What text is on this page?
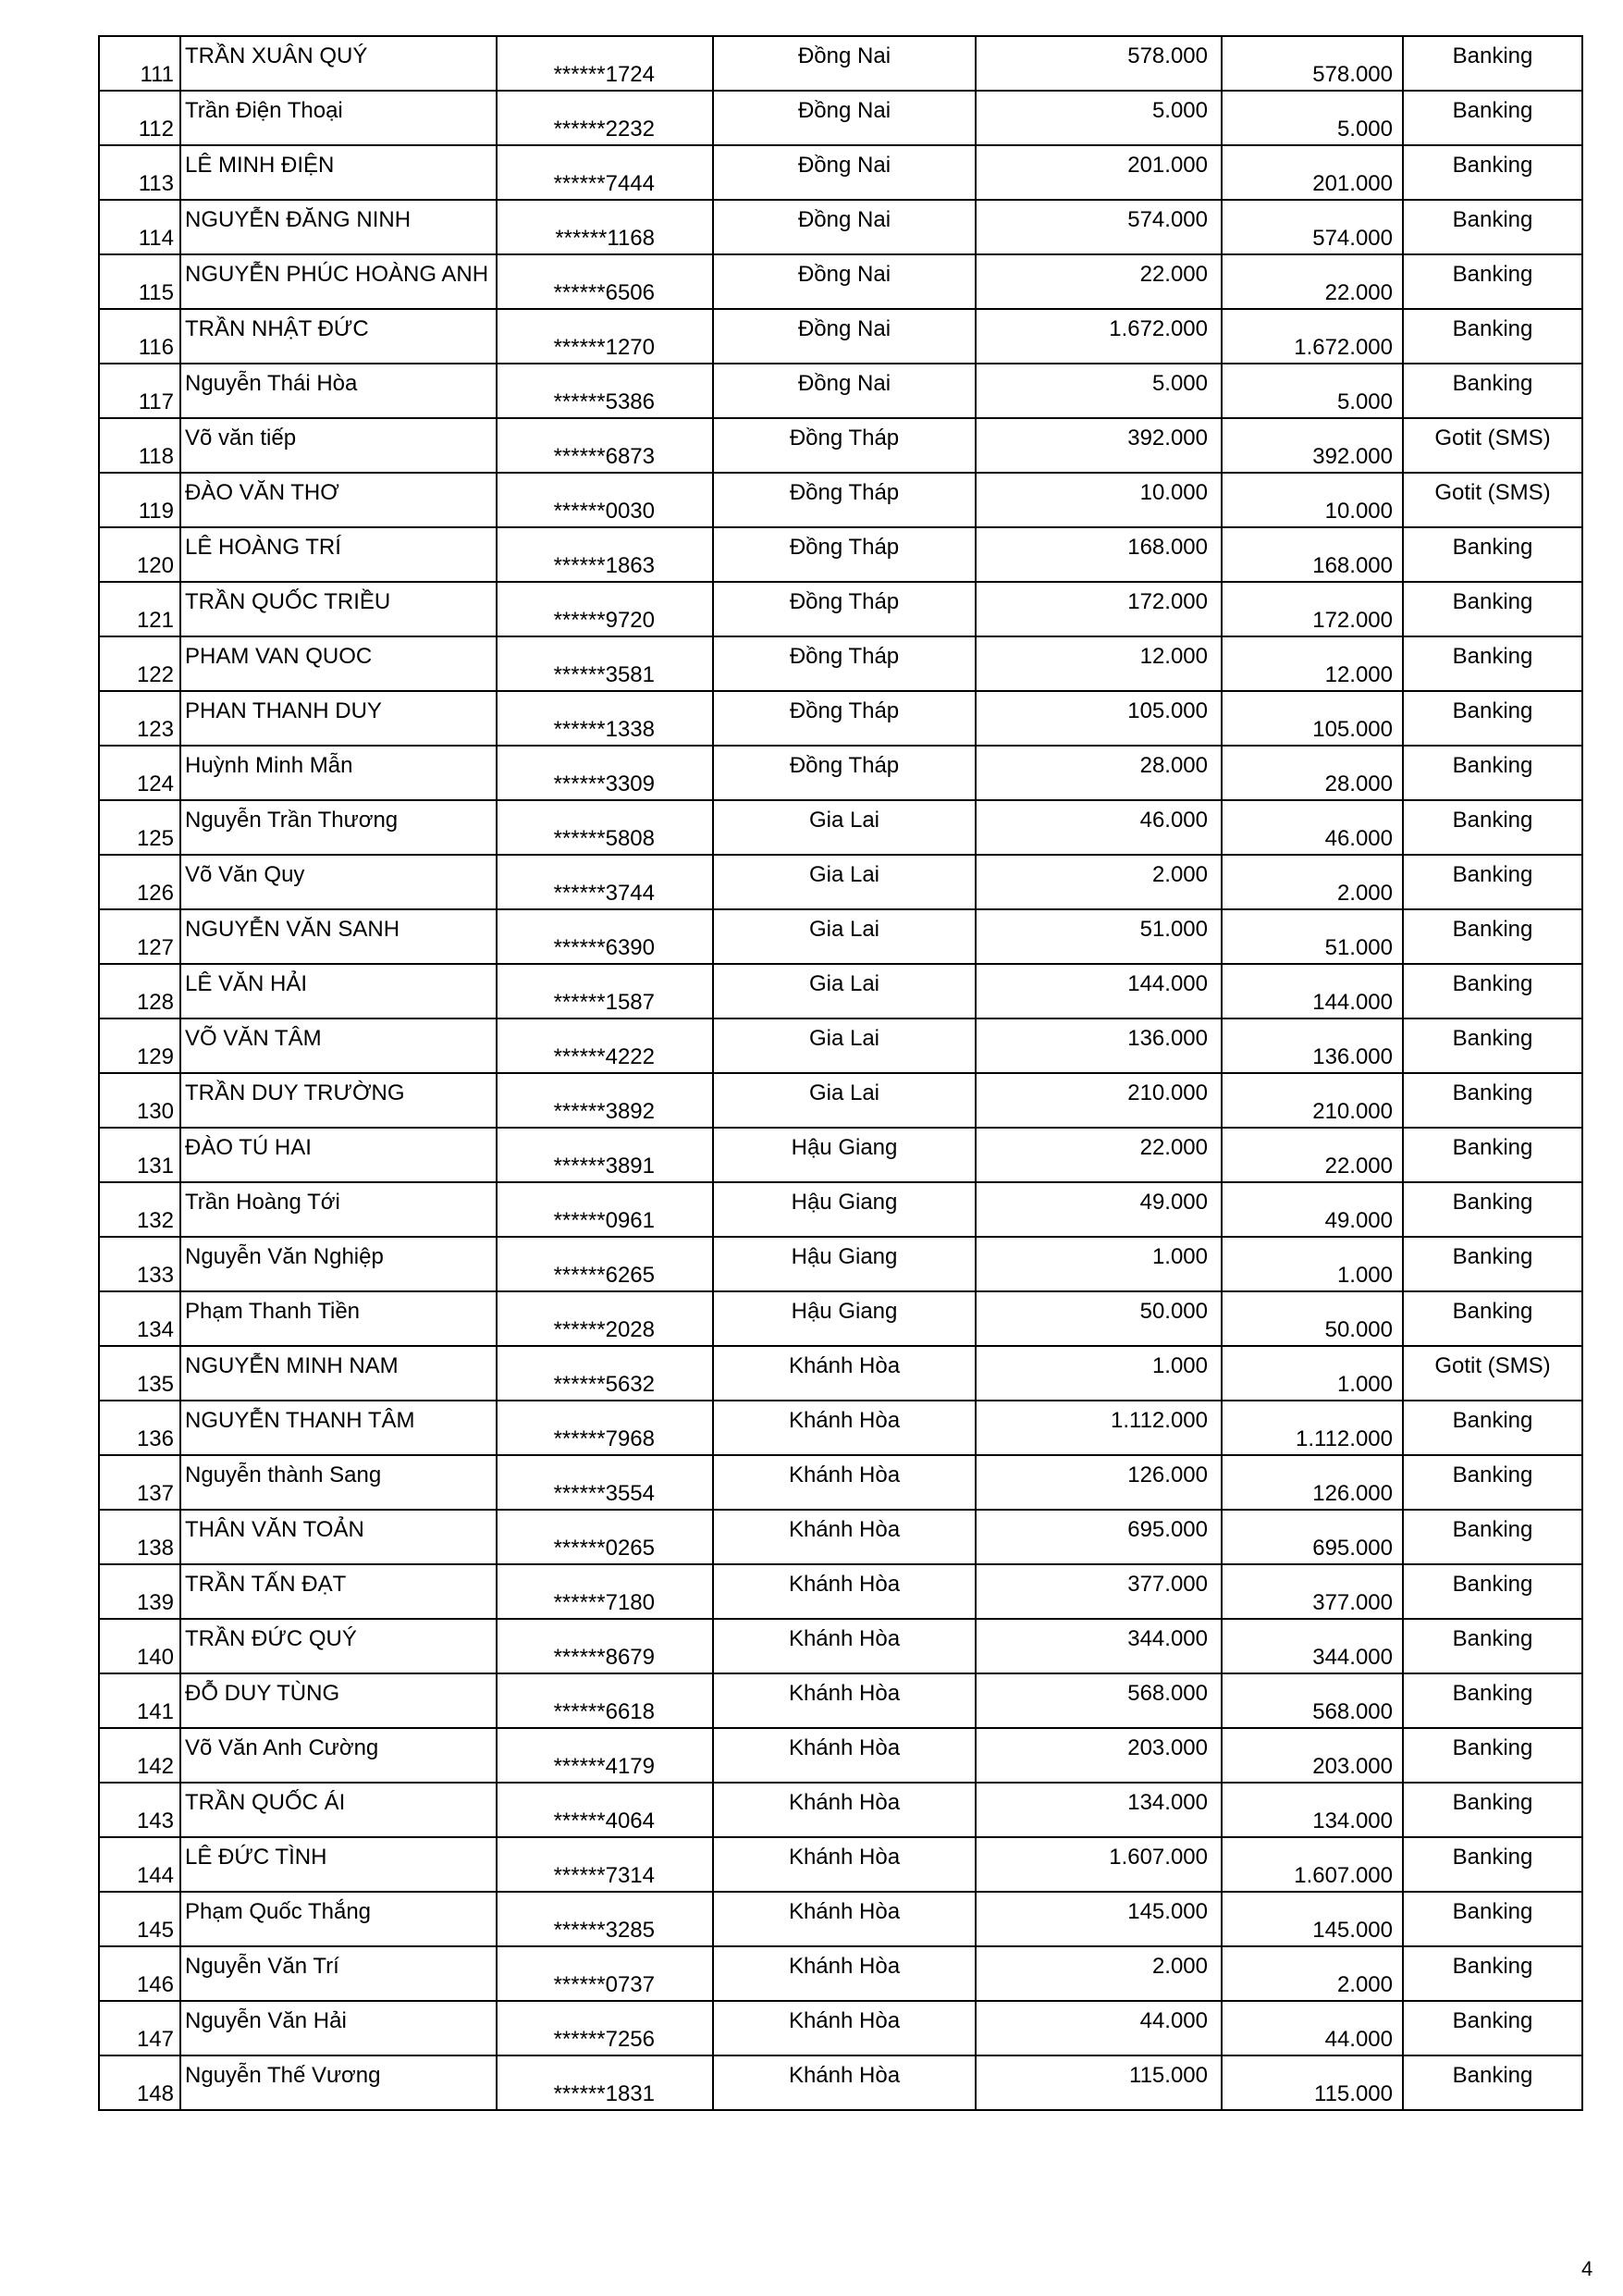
111	TRẦN XUÂN QUÝ	******1724	Đồng Nai	578.000	578.000	Banking

112	Trần Điện Thoại	******2232	Đồng Nai	5.000	5.000	Banking

113	LÊ MINH ĐIỆN	******7444	Đồng Nai	201.000	201.000	Banking

114	NGUYỄN ĐĂNG NINH	******1168	Đồng Nai	574.000	574.000	Banking

115	NGUYỄN PHÚC HOÀNG ANH	******6506	Đồng Nai	22.000	22.000	Banking

116	TRẦN NHẬT ĐỨC	******1270	Đồng Nai	1.672.000	1.672.000	Banking

117	Nguyễn Thái Hòa	******5386	Đồng Nai	5.000	5.000	Banking

118	Võ văn tiếp	******6873	Đồng Tháp	392.000	392.000	Gotit (SMS)

119	ĐÀO VĂN THƠ	******0030	Đồng Tháp	10.000	10.000	Gotit (SMS)

120	LÊ HOÀNG TRÍ	******1863	Đồng Tháp	168.000	168.000	Banking

121	TRẦN QUỐC TRIỀU	******9720	Đồng Tháp	172.000	172.000	Banking

122	PHAM VAN QUOC	******3581	Đồng Tháp	12.000	12.000	Banking

123	PHAN THANH DUY	******1338	Đồng Tháp	105.000	105.000	Banking

124	Huỳnh Minh Mẫn	******3309	Đồng Tháp	28.000	28.000	Banking

125	Nguyễn Trần Thương	******5808	Gia Lai	46.000	46.000	Banking

126	Võ Văn Quy	******3744	Gia Lai	2.000	2.000	Banking

127	NGUYỄN VĂN SANH	******6390	Gia Lai	51.000	51.000	Banking

128	LÊ VĂN HẢI	******1587	Gia Lai	144.000	144.000	Banking

129	VÕ VĂN TÂM	******4222	Gia Lai	136.000	136.000	Banking

130	TRẦN DUY TRƯỜNG	******3892	Gia Lai	210.000	210.000	Banking

131	ĐÀO TÚ HAI	******3891	Hậu Giang	22.000	22.000	Banking

132	Trần Hoàng Tới	******0961	Hậu Giang	49.000	49.000	Banking

133	Nguyễn Văn Nghiệp	******6265	Hậu Giang	1.000	1.000	Banking

134	Phạm Thanh Tiền	******2028	Hậu Giang	50.000	50.000	Banking

135	NGUYỄN MINH NAM	******5632	Khánh Hòa	1.000	1.000	Gotit (SMS)

136	NGUYỄN THANH TÂM	******7968	Khánh Hòa	1.112.000	1.112.000	Banking

137	Nguyễn thành Sang	******3554	Khánh Hòa	126.000	126.000	Banking

138	THÂN VĂN TOẢN	******0265	Khánh Hòa	695.000	695.000	Banking

139	TRẦN TẤN ĐẠT	******7180	Khánh Hòa	377.000	377.000	Banking

140	TRẦN ĐỨC QUÝ	******8679	Khánh Hòa	344.000	344.000	Banking

141	ĐỖ DUY TÙNG	******6618	Khánh Hòa	568.000	568.000	Banking

142	Võ Văn Anh Cường	******4179	Khánh Hòa	203.000	203.000	Banking

143	TRẦN QUỐC ÁI	******4064	Khánh Hòa	134.000	134.000	Banking

144	LÊ ĐỨC TÌNH	******7314	Khánh Hòa	1.607.000	1.607.000	Banking

145	Phạm Quốc Thắng	******3285	Khánh Hòa	145.000	145.000	Banking

146	Nguyễn Văn Trí	******0737	Khánh Hòa	2.000	2.000	Banking

147	Nguyễn Văn Hải	******7256	Khánh Hòa	44.000	44.000	Banking

148	Nguyễn Thế Vương	******1831	Khánh Hòa	115.000	115.000	Banking
4
